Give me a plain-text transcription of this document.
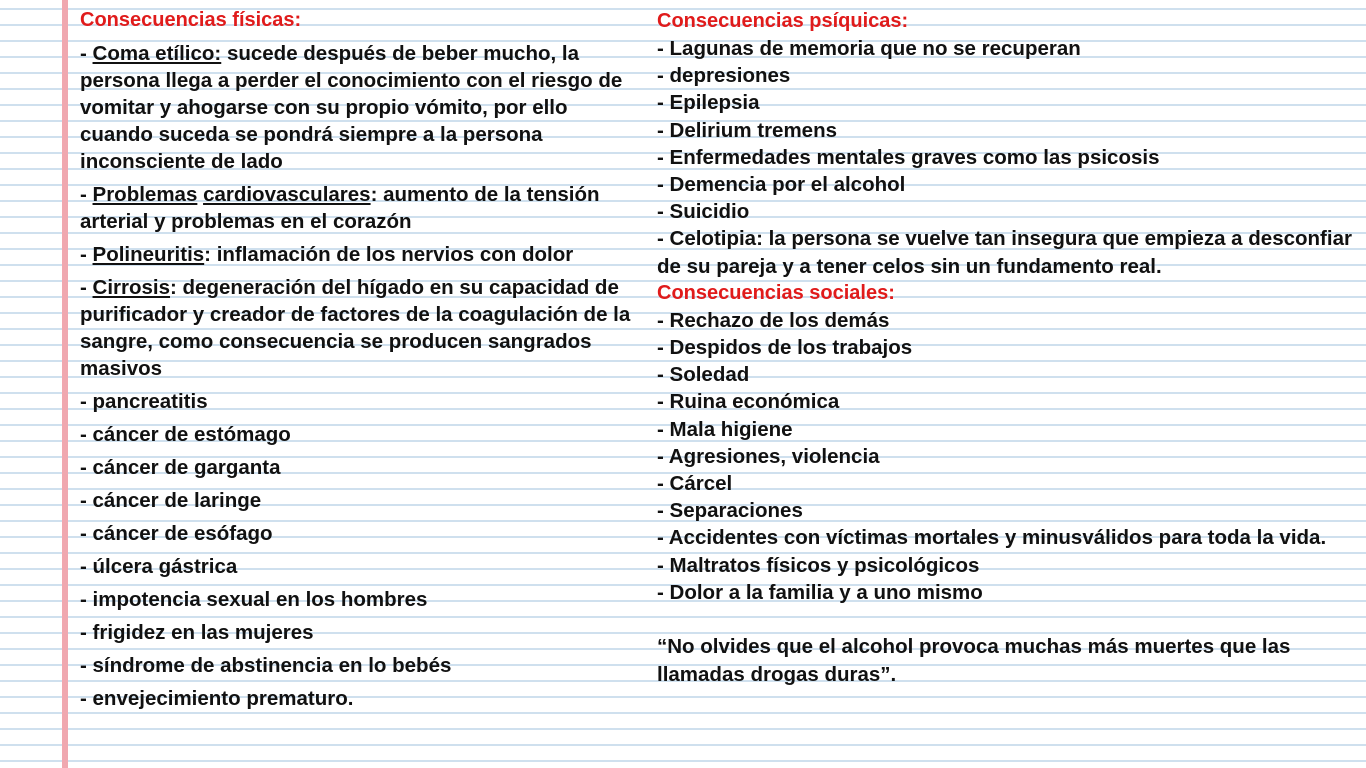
Consecuencias físicas:
- Coma etílico: sucede después de beber mucho, la persona llega a perder el conocimiento con el riesgo de vomitar y ahogarse con su propio vómito, por ello cuando suceda se pondrá siempre a la persona inconsciente de lado
- Problemas cardiovasculares: aumento de la tensión arterial y problemas en el corazón
- Polineuritis: inflamación de los nervios con dolor
- Cirrosis: degeneración del hígado en su capacidad de purificador y creador de factores de la coagulación de la sangre, como consecuencia se producen sangrados masivos
- pancreatitis
- cáncer de estómago
- cáncer de garganta
- cáncer de laringe
- cáncer de esófago
- úlcera gástrica
- impotencia sexual en los hombres
- frigidez en las mujeres
- síndrome de abstinencia en lo bebés
- envejecimiento prematuro.
Consecuencias psíquicas:
- Lagunas de memoria que no se recuperan
- depresiones
- Epilepsia
- Delirium tremens
- Enfermedades mentales graves como las psicosis
- Demencia por el alcohol
- Suicidio
- Celotipia: la persona se vuelve tan insegura que empieza a desconfiar de su pareja y a tener celos sin un fundamento real.
Consecuencias sociales:
- Rechazo de los demás
- Despidos de los trabajos
- Soledad
- Ruina económica
- Mala higiene
- Agresiones, violencia
- Cárcel
- Separaciones
- Accidentes con víctimas mortales y minusválidos para toda la vida.
- Maltratos físicos y psicológicos
- Dolor a la familia y a uno mismo
“No olvides que el alcohol provoca muchas más muertes que las llamadas drogas duras”.
